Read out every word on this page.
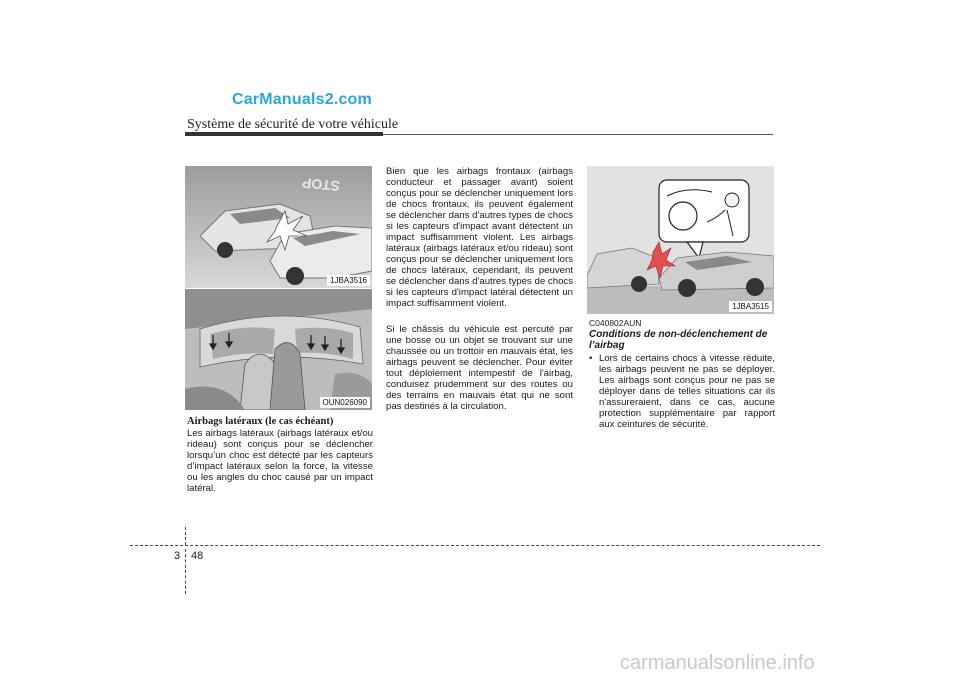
CarManuals2.com
Système de sécurité de votre véhicule
STOP
1JBA3516
OUN026090
Airbags latéraux (le cas échéant)
Les airbags latéraux (airbags latéraux et/ou rideau) sont conçus pour se déclencher lorsqu’un choc est détecté par les capteurs d’impact latéraux selon la force, la vitesse ou les angles du choc causé par un impact latéral.
Bien que les airbags frontaux (airbags conducteur et passager avant) soient conçus pour se déclencher uniquement lors de chocs frontaux, ils peuvent également se déclencher dans d'autres types de chocs si les capteurs d'impact avant détectent un impact suffisamment violent. Les airbags latéraux (airbags latéraux et/ou rideau) sont conçus pour se déclencher uniquement lors de chocs latéraux, cependant, ils peuvent se déclencher dans d'autres types de chocs si les capteurs d'impact latéral détectent un impact suffisamment violent.
Si le châssis du véhicule est percuté par une bosse ou un objet se trouvant sur une chaussée ou un trottoir en mauvais état, les airbags peuvent se déclencher. Pour éviter tout déploiement intempestif de l'airbag, conduisez prudemment sur des routes ou des terrains en mauvais état qui ne sont pas destinés à la circulation.
1JBA3515
C040802AUN
Conditions de non-déclenchement de l’airbag
• Lors de certains chocs à vitesse réduite, les airbags peuvent ne pas se déployer. Les airbags sont conçus pour ne pas se déployer dans de telles situations car ils n'assureraient, dans ce cas, aucune protection supplémentaire par rapport aux ceintures de sécurité.
3 48
carmanualsonline.info
